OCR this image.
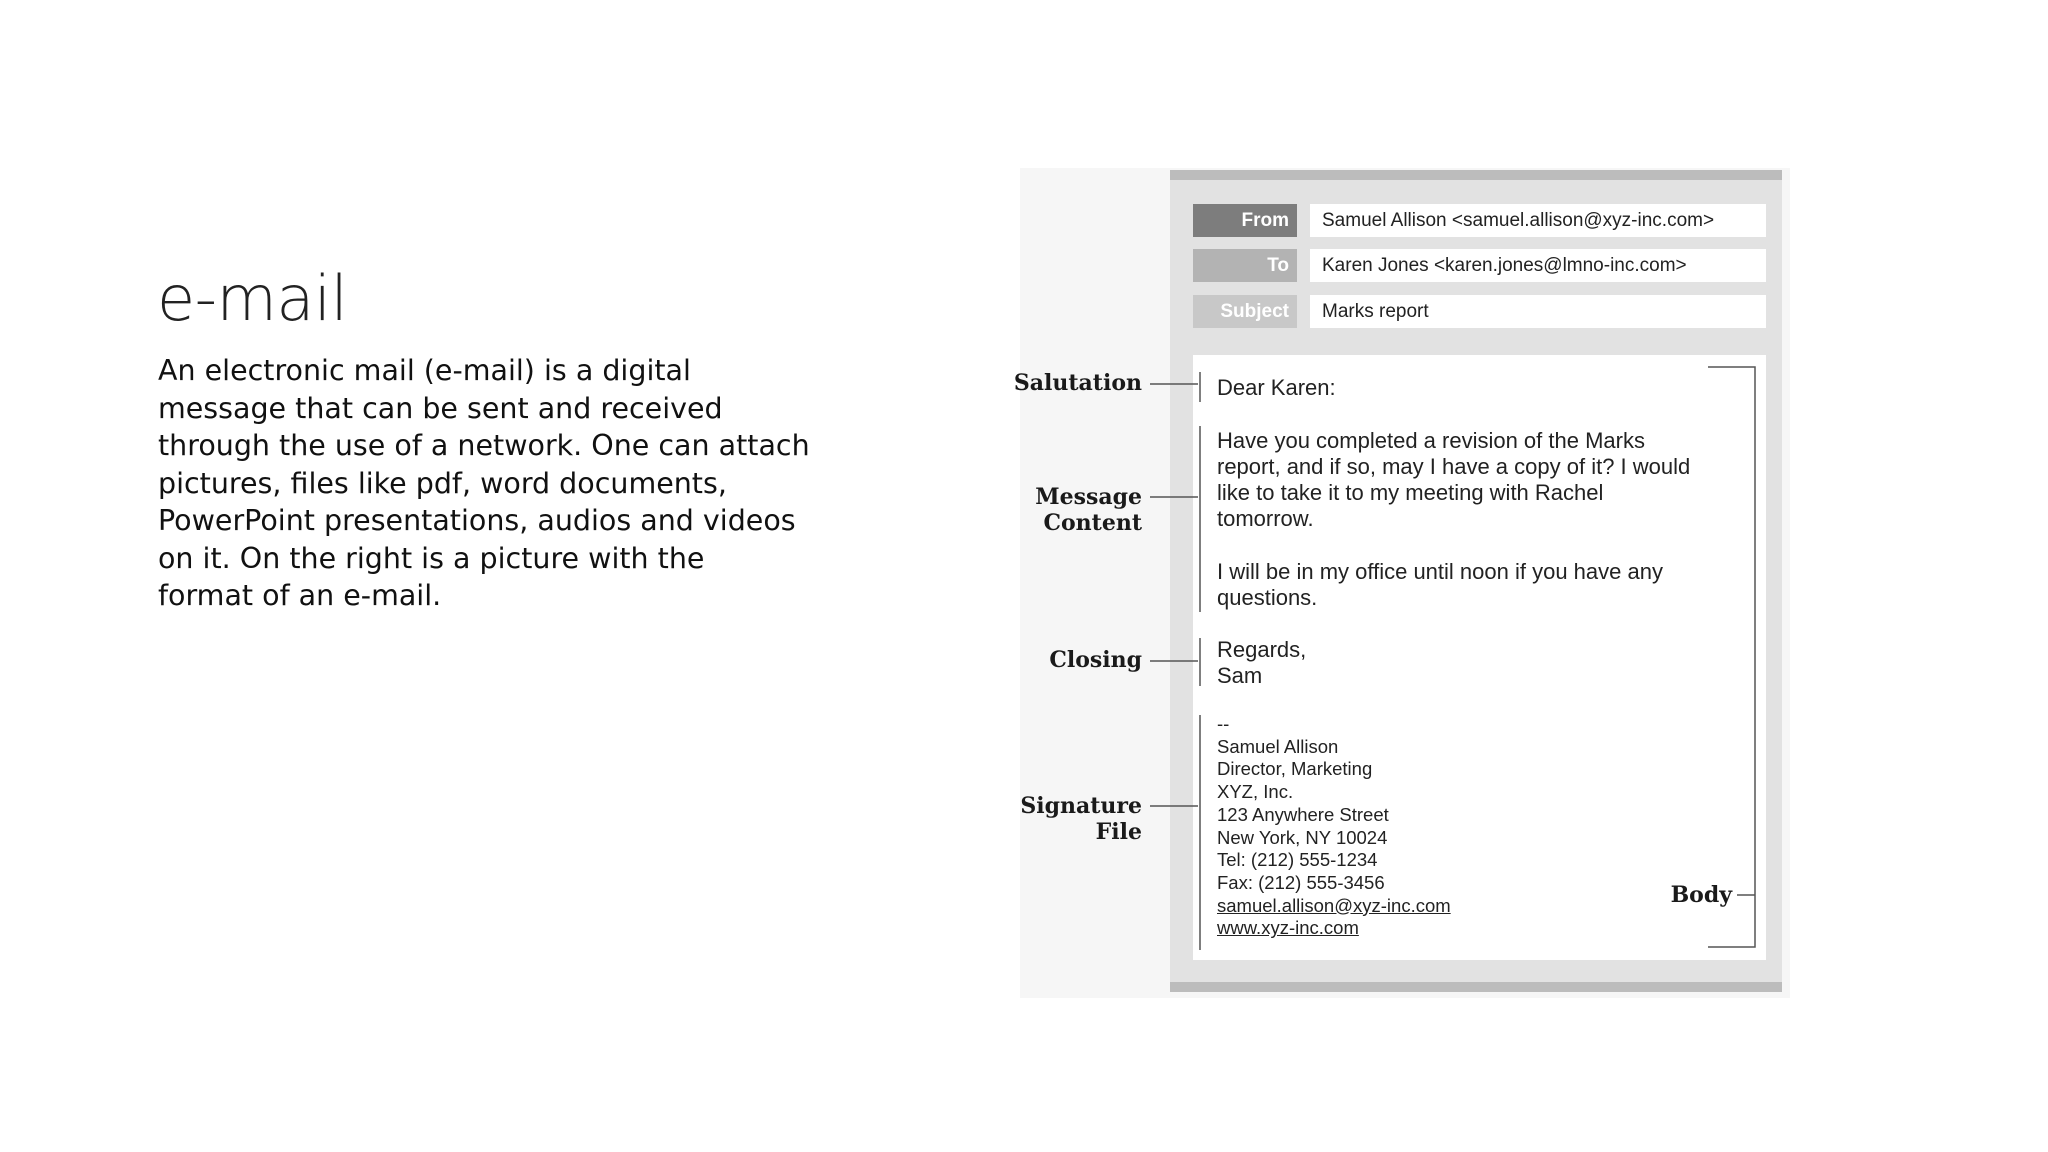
e-mail

An electronic mail (e-mail) is a digital
message that can be sent and received
through the use of a network. One can attach
pictures, files like pdf, word documents,
PowerPoint presentations, audios and videos
on it. On the right is a picture with the
format of an e-mail.

From	Samuel Allison <samuel.allison@xyz-inc.com>
To	Karen Jones <karen.jones@lmno-inc.com>
Subject	Marks report

Dear Karen:

Have you completed a revision of the Marks
report, and if so, may I have a copy of it? I would
like to take it to my meeting with Rachel
tomorrow.

I will be in my office until noon if you have any
questions.

Regards,
Sam

--
Samuel Allison
Director, Marketing
XYZ, Inc.
123 Anywhere Street
New York, NY 10024
Tel: (212) 555-1234
Fax: (212) 555-3456
samuel.allison@xyz-inc.com
www.xyz-inc.com

Salutation

Message
Content

Closing

Signature
File

Body
